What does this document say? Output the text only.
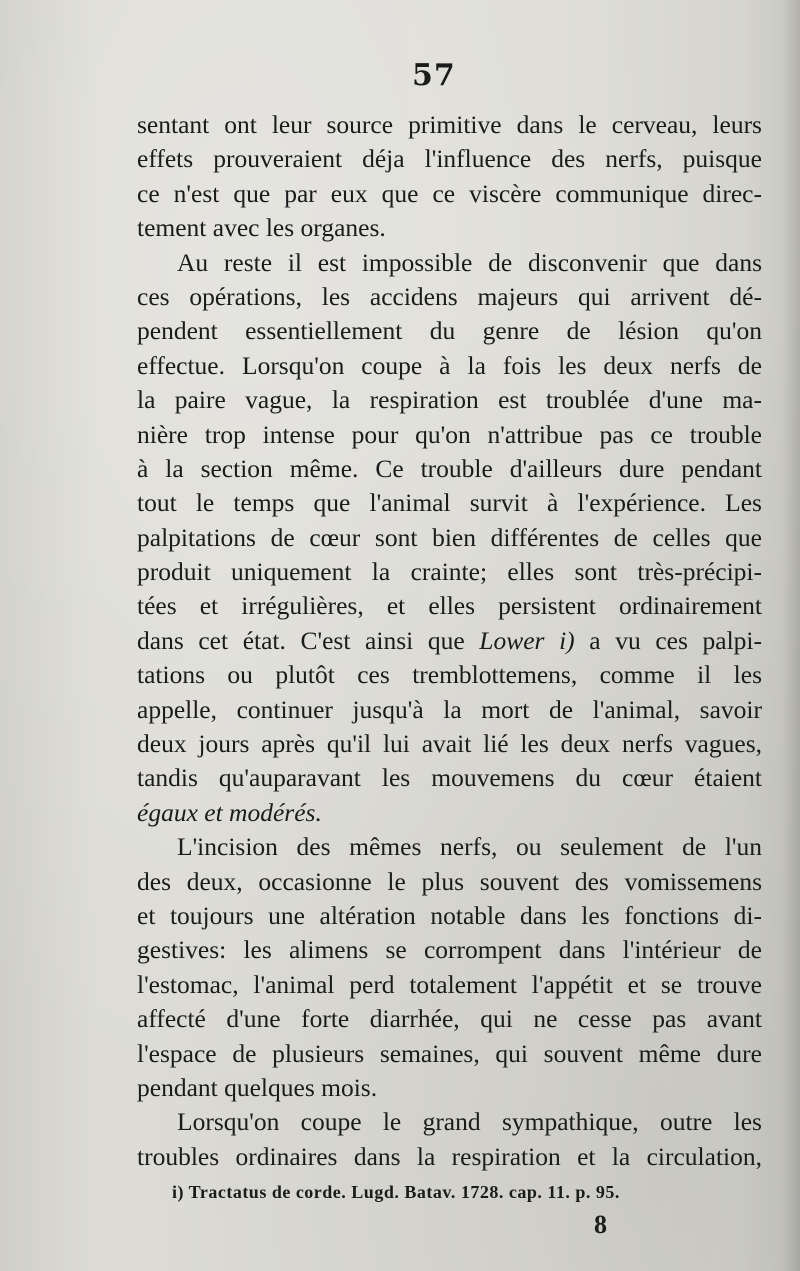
57
sentant ont leur source primitive dans le cerveau, leurs
effets prouveraient déja l'influence des nerfs, puisque
ce n'est que par eux que ce viscère communique direc-
tement avec les organes.
Au reste il est impossible de disconvenir que dans
ces opérations, les accidens majeurs qui arrivent dé-
pendent essentiellement du genre de lésion qu'on
effectue. Lorsqu'on coupe à la fois les deux nerfs de
la paire vague, la respiration est troublée d'une ma-
nière trop intense pour qu'on n'attribue pas ce trouble
à la section même. Ce trouble d'ailleurs dure pendant
tout le temps que l'animal survit à l'expérience. Les
palpitations de cœur sont bien différentes de celles que
produit uniquement la crainte; elles sont très-précipi-
tées et irrégulières, et elles persistent ordinairement
dans cet état. C'est ainsi que Lower i) a vu ces palpi-
tations ou plutôt ces tremblottemens, comme il les
appelle, continuer jusqu'à la mort de l'animal, savoir
deux jours après qu'il lui avait lié les deux nerfs vagues,
tandis qu'auparavant les mouvemens du cœur étaient
égaux et modérés.
L'incision des mêmes nerfs, ou seulement de l'un
des deux, occasionne le plus souvent des vomissemens
et toujours une altération notable dans les fonctions di-
gestives: les alimens se corrompent dans l'intérieur de
l'estomac, l'animal perd totalement l'appétit et se trouve
affecté d'une forte diarrhée, qui ne cesse pas avant
l'espace de plusieurs semaines, qui souvent même dure
pendant quelques mois.
Lorsqu'on coupe le grand sympathique, outre les
troubles ordinaires dans la respiration et la circulation,
i) Tractatus de corde. Lugd. Batav. 1728. cap. 11. p. 95.
8
